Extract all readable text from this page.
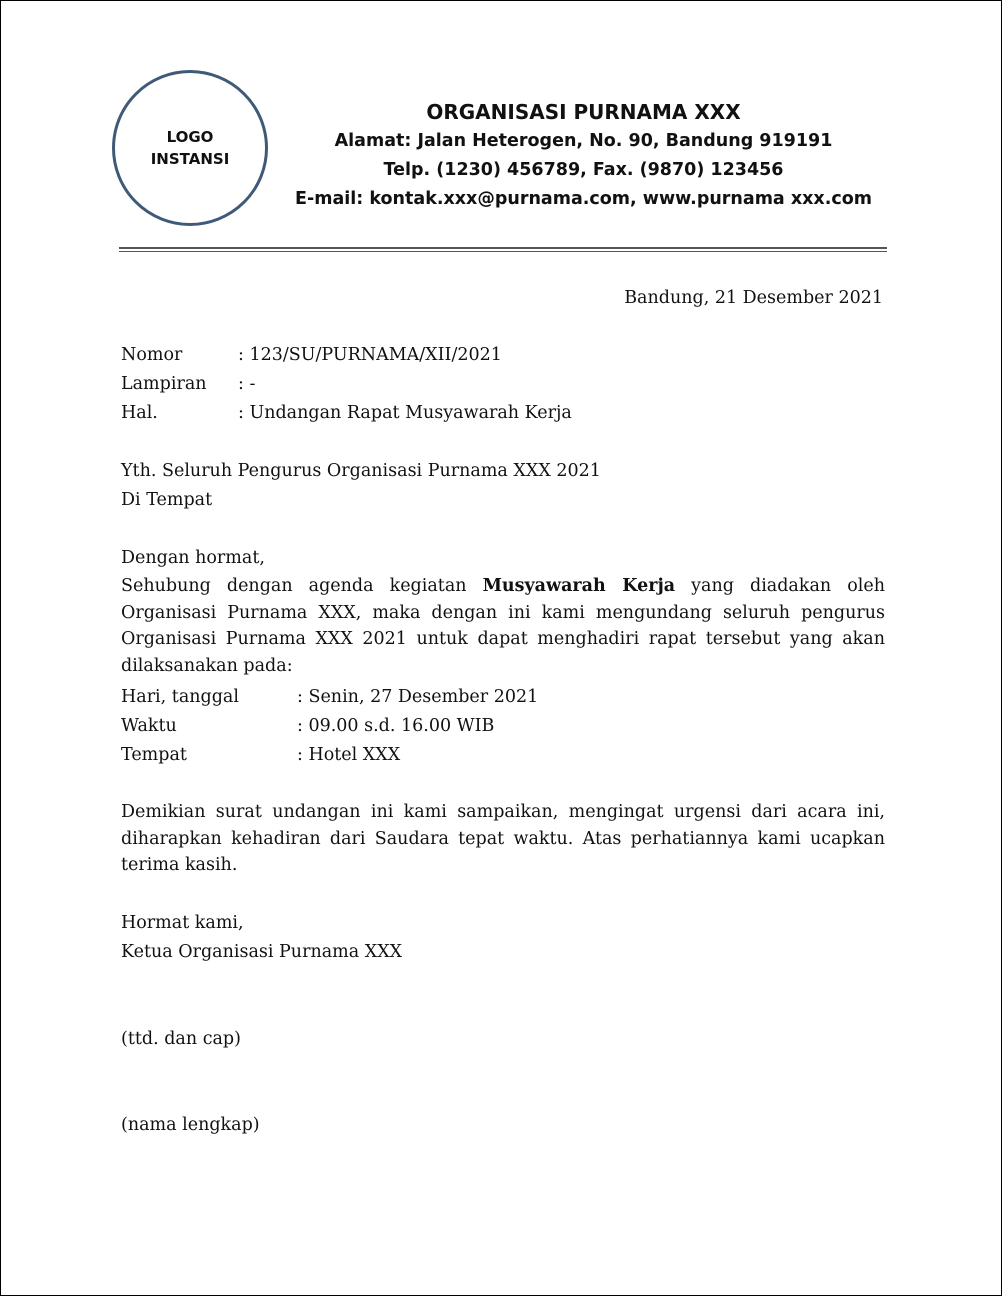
LOGO
INSTANSI
ORGANISASI PURNAMA XXX
Alamat: Jalan Heterogen, No. 90, Bandung 919191
Telp. (1230) 456789, Fax. (9870) 123456
E-mail: kontak.xxx@purnama.com, www.purnama xxx.com
Bandung, 21 Desember 2021
Nomor	: 123/SU/PURNAMA/XII/2021
Lampiran : -
Hal.	: Undangan Rapat Musyawarah Kerja
Yth. Seluruh Pengurus Organisasi Purnama XXX 2021
Di Tempat
Dengan hormat,
Sehubung dengan agenda kegiatan Musyawarah Kerja yang diadakan oleh Organisasi Purnama XXX, maka dengan ini kami mengundang seluruh pengurus Organisasi Purnama XXX 2021 untuk dapat menghadiri rapat tersebut yang akan dilaksanakan pada:
Hari, tanggal	: Senin, 27 Desember 2021
Waktu	: 09.00 s.d. 16.00 WIB
Tempat	: Hotel XXX
Demikian surat undangan ini kami sampaikan, mengingat urgensi dari acara ini, diharapkan kehadiran dari Saudara tepat waktu. Atas perhatiannya kami ucapkan terima kasih.
Hormat kami,
Ketua Organisasi Purnama XXX
(ttd. dan cap)
(nama lengkap)
